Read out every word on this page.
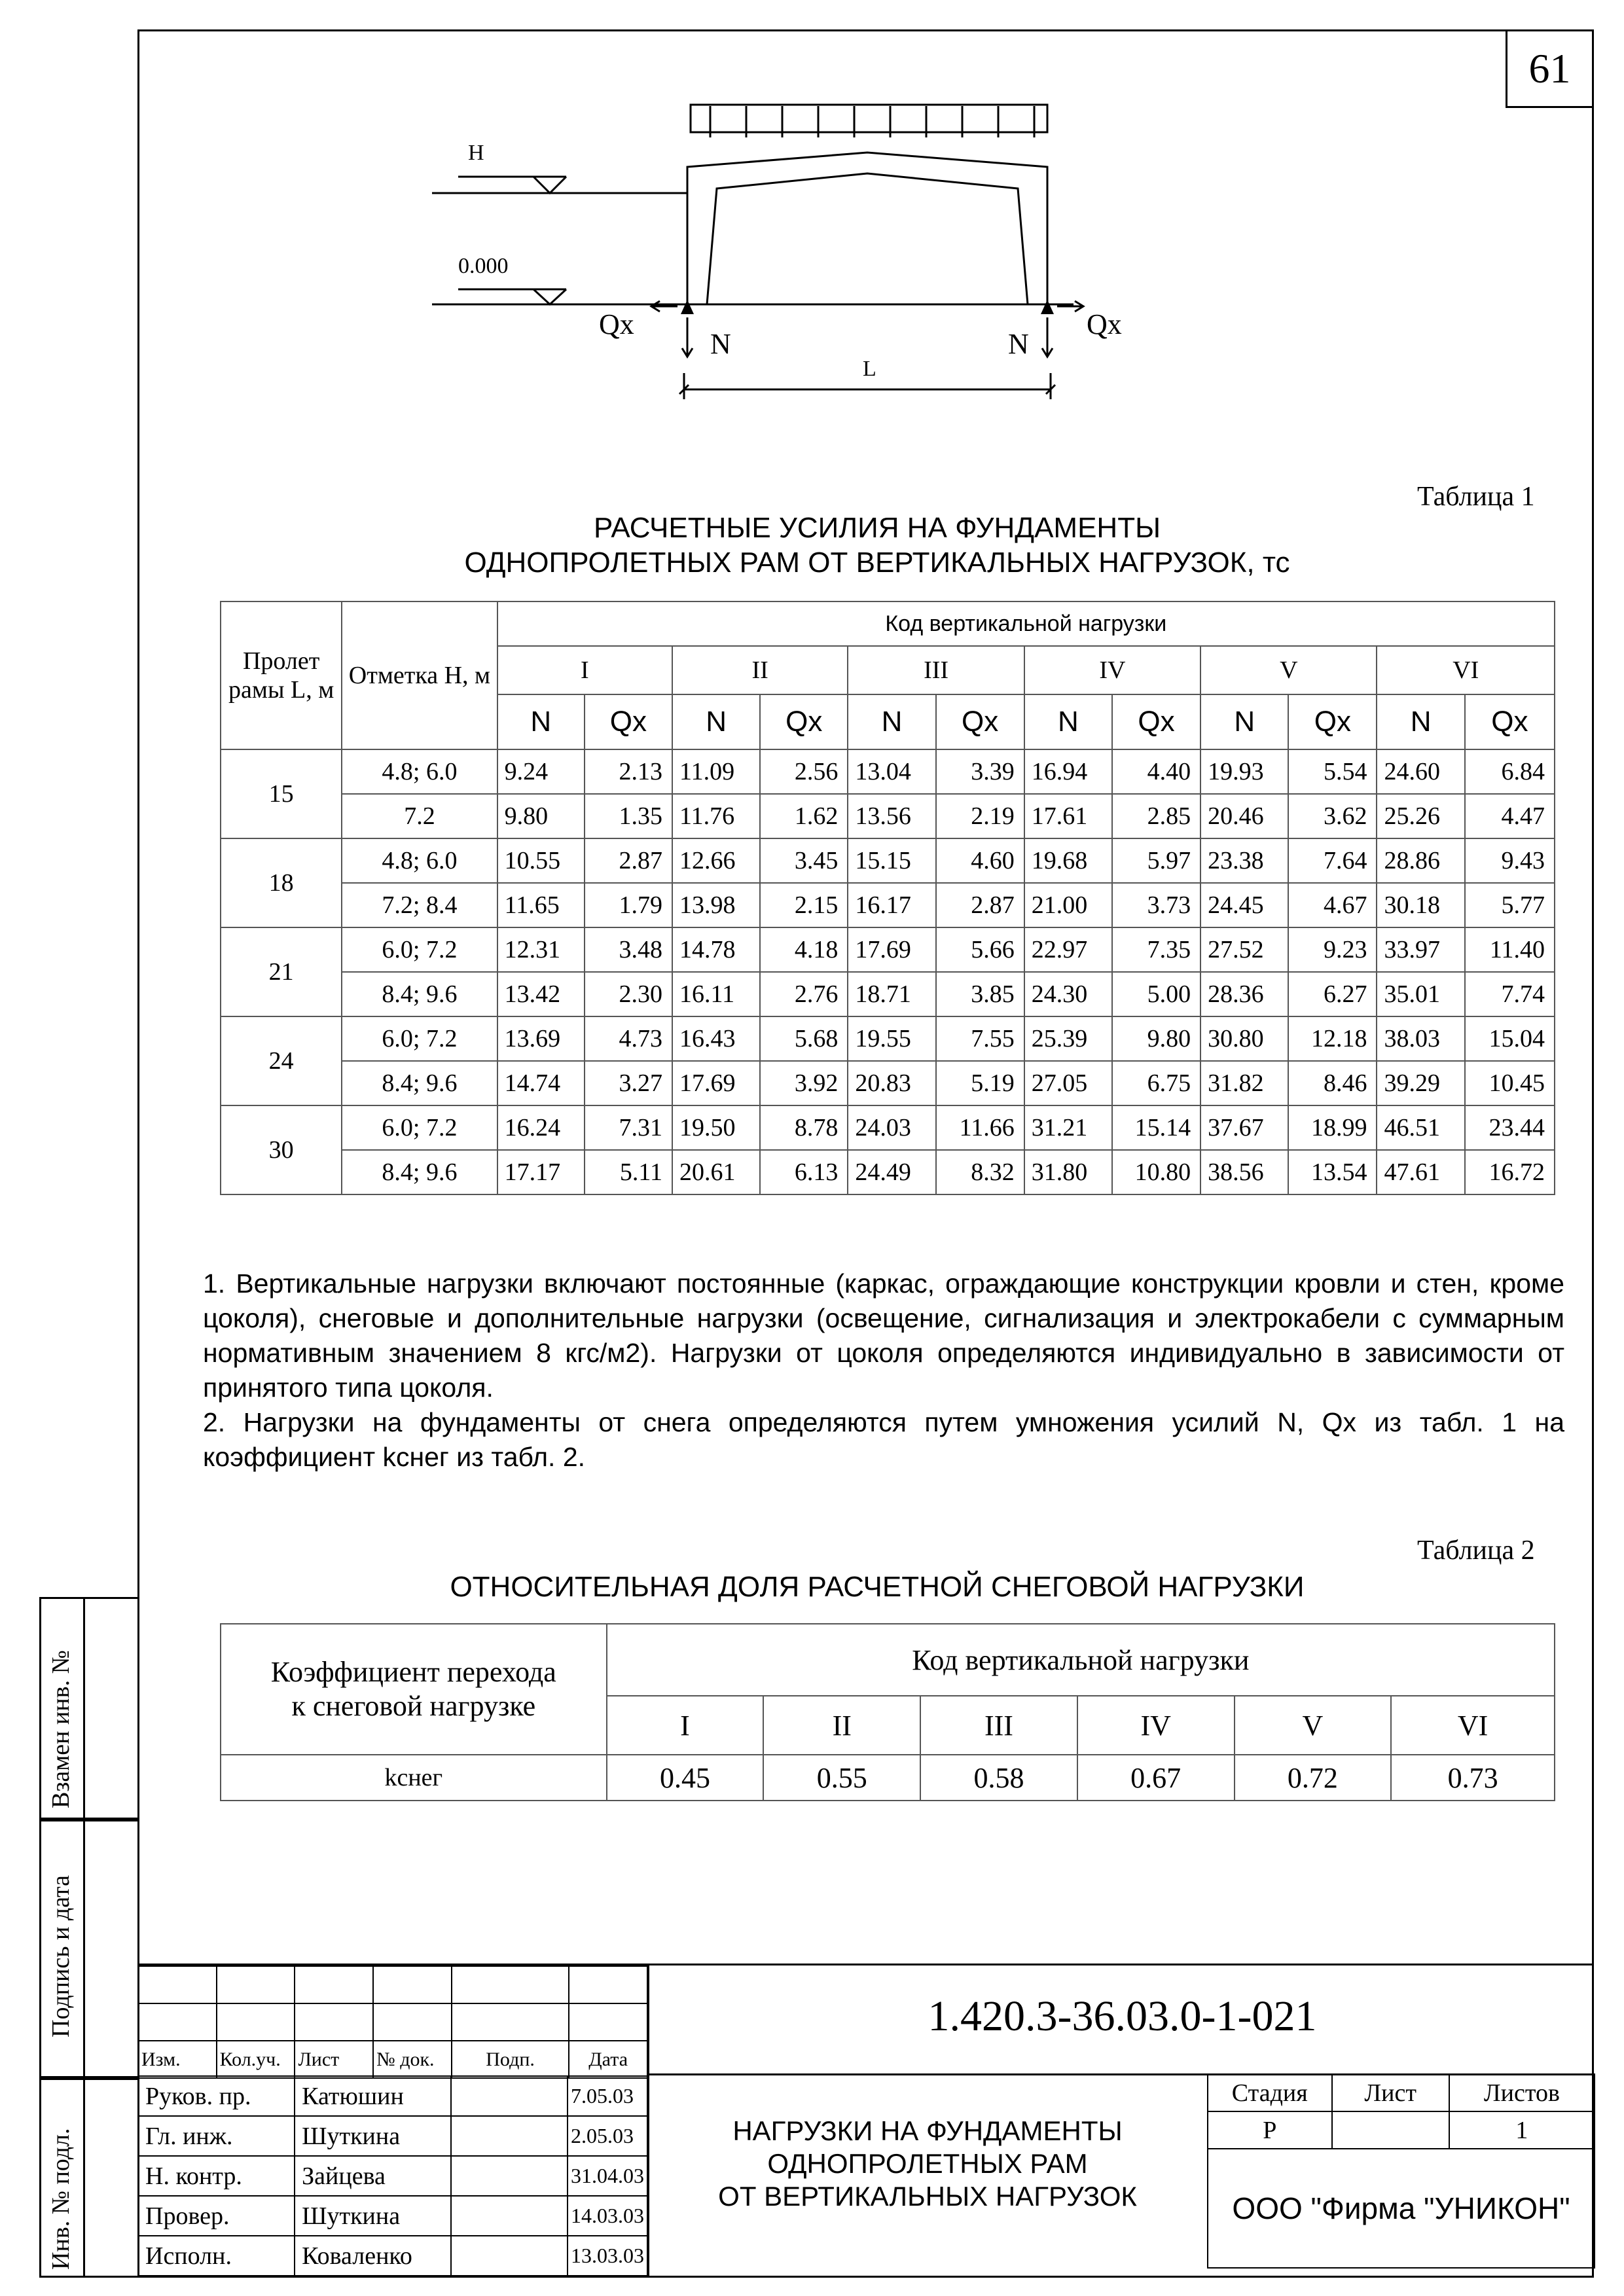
61
Взамен инв. №
Подпись и дата
Инв. № подл.
H
0.000
Qx
N	N
Qx
L
Таблица 1
РАСЧЕТНЫЕ УСИЛИЯ НА ФУНДАМЕНТЫ
ОДНОПРОЛЕТНЫХ РАМ ОТ ВЕРТИКАЛЬНЫХ НАГРУЗОК, тс
Пролет рамы L, м	Отметка Н, м	Код вертикальной нагрузки											
		I		II		III		IV		V		VI	
		N	Qx	N	Qx	N	Qx	N	Qx	N	Qx	N	Qx
15	4.8; 6.0	9.24	2.13	11.09	2.56	13.04	3.39	16.94	4.40	19.93	5.54	24.60	6.84
	7.2	9.80	1.35	11.76	1.62	13.56	2.19	17.61	2.85	20.46	3.62	25.26	4.47
18	4.8; 6.0	10.55	2.87	12.66	3.45	15.15	4.60	19.68	5.97	23.38	7.64	28.86	9.43
	7.2; 8.4	11.65	1.79	13.98	2.15	16.17	2.87	21.00	3.73	24.45	4.67	30.18	5.77
21	6.0; 7.2	12.31	3.48	14.78	4.18	17.69	5.66	22.97	7.35	27.52	9.23	33.97	11.40
	8.4; 9.6	13.42	2.30	16.11	2.76	18.71	3.85	24.30	5.00	28.36	6.27	35.01	7.74
24	6.0; 7.2	13.69	4.73	16.43	5.68	19.55	7.55	25.39	9.80	30.80	12.18	38.03	15.04
	8.4; 9.6	14.74	3.27	17.69	3.92	20.83	5.19	27.05	6.75	31.82	8.46	39.29	10.45
30	6.0; 7.2	16.24	7.31	19.50	8.78	24.03	11.66	31.21	15.14	37.67	18.99	46.51	23.44
	8.4; 9.6	17.17	5.11	20.61	6.13	24.49	8.32	31.80	10.80	38.56	13.54	47.61	16.72

1. Вертикальные нагрузки включают постоянные (каркас, ограждающие конструкции кровли и стен, кроме цоколя), снеговые и дополнительные нагрузки (освещение, сигнализация и электрокабели с суммарным нормативным значением 8 кгс/м2). Нагрузки от цоколя определяются индивидуально в зависимости от принятого типа цоколя.

2. Нагрузки на фундаменты от снега определяются путем умножения усилий N, Qx из табл. 1 на коэффициент kснег из табл. 2.

Таблица 2
ОТНОСИТЕЛЬНАЯ ДОЛЯ РАСЧЕТНОЙ СНЕГОВОЙ НАГРУЗКИ
Коэффициент перехода к снеговой нагрузке	Код вертикальной нагрузки					
	I	II	III	IV	V	VI
kснег	0.45	0.55	0.58	0.67	0.72	0.73

Изм.	Кол.уч.	Лист	№ док.	Подп.	Дата
Руков. пр.	Катюшин		7.05.03
Гл. инж.	Шуткина		2.05.03
Н. контр.	Зайцева		31.04.03
Провер.	Шуткина		14.03.03
Исполн.	Коваленко		13.03.03
1.420.3-36.03.0-1-021
НАГРУЗКИ НА ФУНДАМЕНТЫ
ОДНОПРОЛЕТНЫХ РАМ
ОТ ВЕРТИКАЛЬНЫХ НАГРУЗОК
Стадия	Лист	Листов
Р		1
ООО "Фирма "УНИКОН"		
